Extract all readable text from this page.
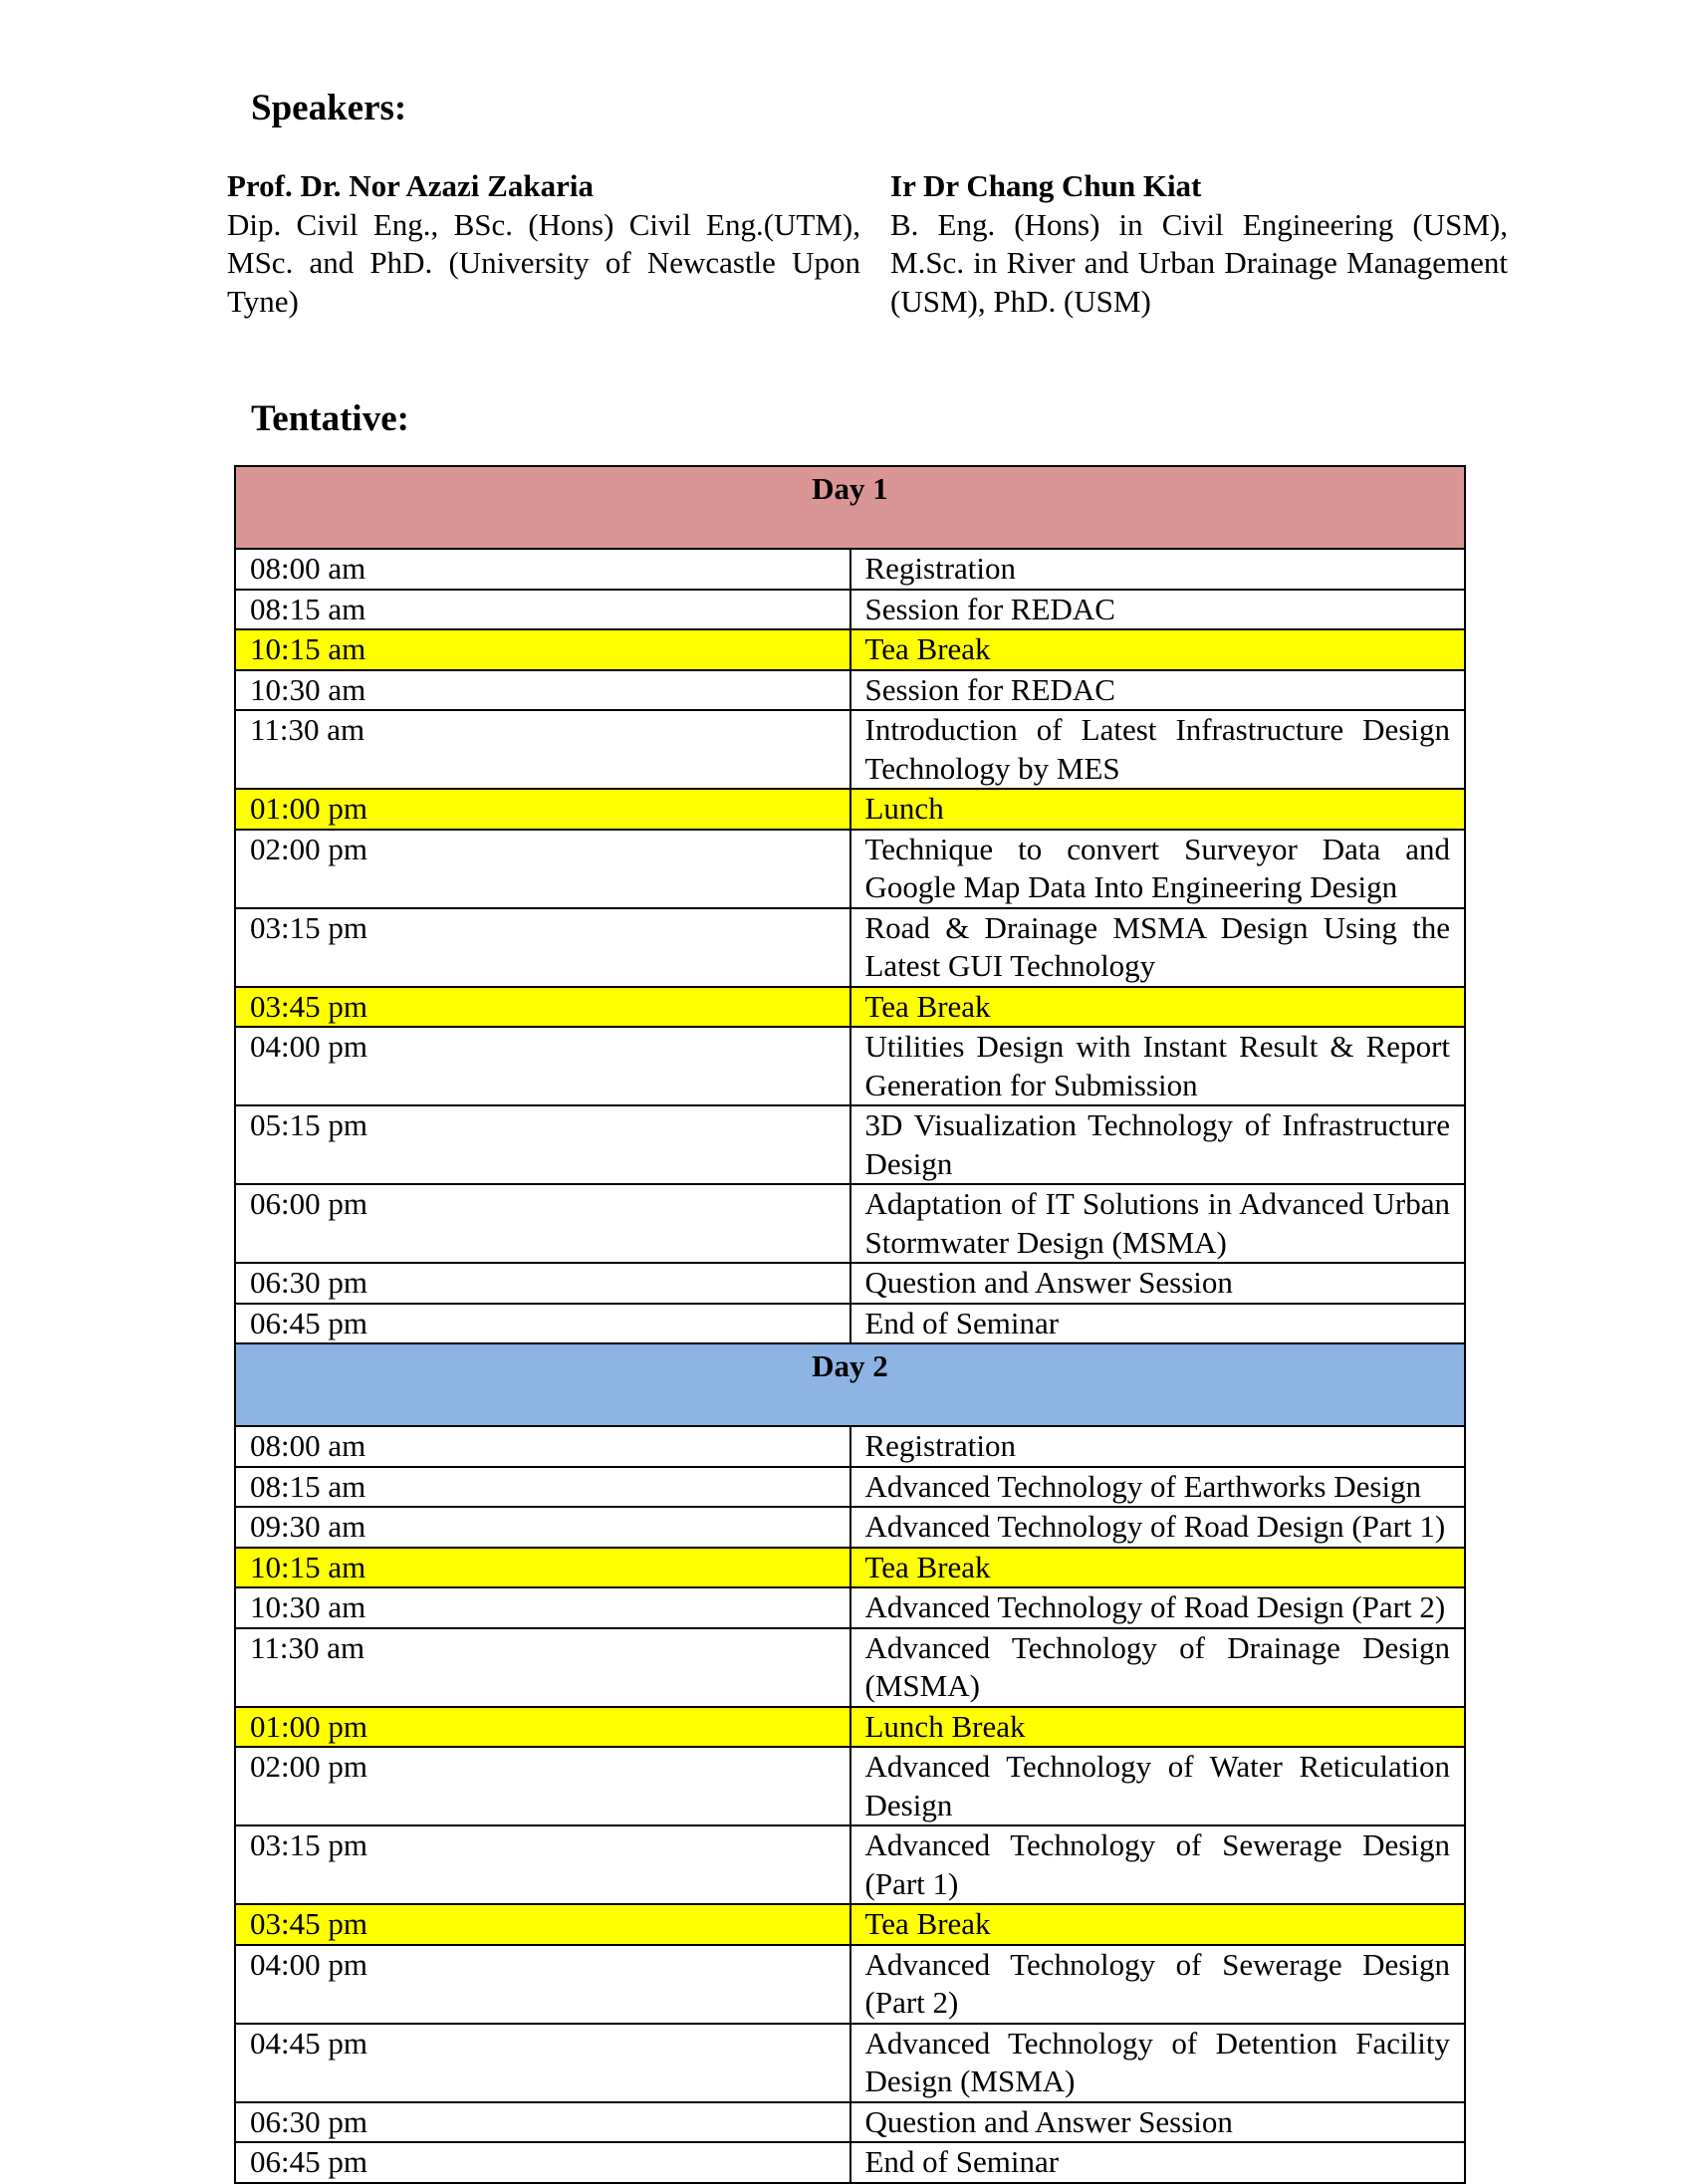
Speakers:
Prof. Dr. Nor Azazi Zakaria
Dip. Civil Eng., BSc. (Hons) Civil Eng.(UTM), MSc. and PhD. (University of Newcastle Upon Tyne)
Ir Dr Chang Chun Kiat
B. Eng. (Hons) in Civil Engineering (USM), M.Sc. in River and Urban Drainage Management (USM), PhD. (USM)
Tentative:
Day 1	
08:00 am	Registration
08:15 am	Session for REDAC
10:15 am	Tea Break
10:30 am	Session for REDAC
11:30 am	Introduction of Latest Infrastructure Design Technology by MES
01:00 pm	Lunch
02:00 pm	Technique to convert Surveyor Data and Google Map Data Into Engineering Design
03:15 pm	Road & Drainage MSMA Design Using the Latest GUI Technology
03:45 pm	Tea Break
04:00 pm	Utilities Design with Instant Result & Report Generation for Submission
05:15 pm	3D Visualization Technology of Infrastructure Design
06:00 pm	Adaptation of IT Solutions in Advanced Urban Stormwater Design (MSMA)
06:30 pm	Question and Answer Session
06:45 pm	End of Seminar
Day 2	
08:00 am	Registration
08:15 am	Advanced Technology of Earthworks Design
09:30 am	Advanced Technology of Road Design (Part 1)
10:15 am	Tea Break
10:30 am	Advanced Technology of Road Design (Part 2)
11:30 am	Advanced Technology of Drainage Design (MSMA)
01:00 pm	Lunch Break
02:00 pm	Advanced Technology of Water Reticulation Design
03:15 pm	Advanced Technology of Sewerage Design (Part 1)
03:45 pm	Tea Break
04:00 pm	Advanced Technology of Sewerage Design (Part 2)
04:45 pm	Advanced Technology of Detention Facility Design (MSMA)
06:30 pm	Question and Answer Session
06:45 pm	End of Seminar
